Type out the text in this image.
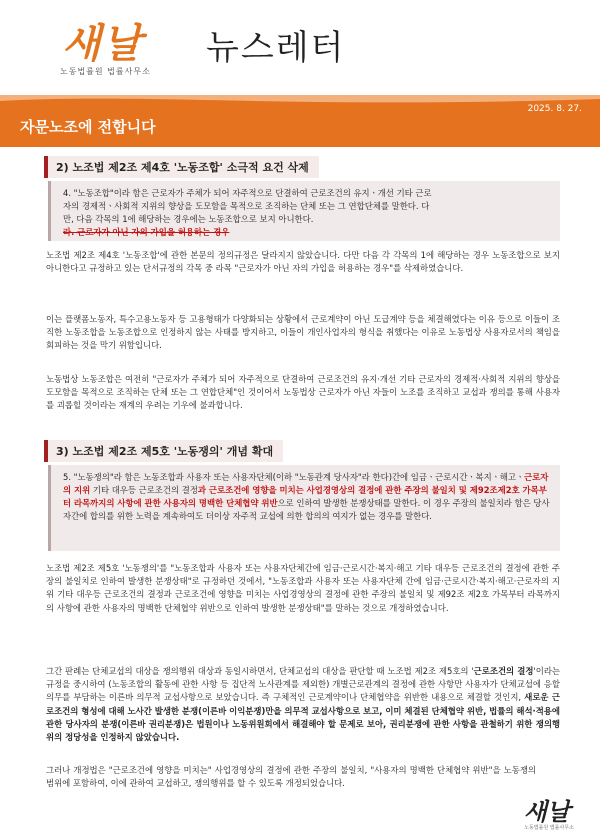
새날
노동법률원 법률사무소
뉴스레터
2025. 8. 27.
자문노조에 전합니다
2) 노조법 제2조 제4호 '노동조합' 소극적 요건 삭제
4. "노동조합"이라 함은 근로자가 주체가 되어 자주적으로 단결하여 근로조건의 유지ㆍ개선 기타 근로
자의 경제적ㆍ사회적 지위의 향상을 도모함을 목적으로 조직하는 단체 또는 그 연합단체를 말한다. 다
만, 다음 각목의 1에 해당하는 경우에는 노동조합으로 보지 아니한다.
라. 근로자가 아닌 자의 가입을 허용하는 경우
노조법 제2조 제4호 '노동조합'에 관한 본문의 정의규정은 달라지지 않았습니다. 다만 다음 각 각목의 1에 해당하는 경우 노동조합으로 보지 아니한다고 규정하고 있는 단서규정의 각목 중 라목 "근로자가 아닌 자의 가입을 허용하는 경우"를 삭제하였습니다.
이는 플랫폼노동자, 특수고용노동자 등 고용형태가 다양화되는 상황에서 근로계약이 아닌 도급계약 등을 체결해였다는 이유 등으로 이들이 조직한 노동조합을 노동조합으로 인정하지 않는 사태를 방지하고, 이들이 개인사업자의 형식을 취했다는 이유로 노동법상 사용자로서의 책임을 회피하는 것을 막기 위함입니다.
노동법상 노동조합은 여전히 "근로자가 주체가 되어 자주적으로 단결하여 근로조건의 유지·개선 기타 근로자의 경제적·사회적 지위의 향상을 도모함을 목적으로 조직하는 단체 또는 그 연합단체"인 것이어서 노동법상 근로자가 아닌 자들이 노조를 조직하고 교섭과 쟁의를 통해 사용자를 괴롭힐 것이라는 재계의 우려는 기우에 불과합니다.
3) 노조법 제2조 제5호 '노동쟁의' 개념 확대
5. "노동쟁의"라 함은 노동조합과 사용자 또는 사용자단체(이하 "노동관계 당사자"라 한다)간에 임금ㆍ근로시간ㆍ복지ㆍ해고ㆍ근로자의 지위 기타 대우등 근로조건의 결정과 근로조건에 영향을 미치는 사업경영상의 결정에 관한 주장의 불일치 및 제92조제2호 가목부터 라목까지의 사항에 관한 사용자의 명백한 단체협약 위반으로 인하여 발생한 분쟁상태를 말한다. 이 경우 주장의 불일치라 함은 당사자간에 합의를 위한 노력을 계속하여도 더이상 자주적 교섭에 의한 합의의 여지가 없는 경우를 말한다.
노조법 제2조 제5호 '노동쟁의'를 "노동조합과 사용자 또는 사용자단체간에 임금·근로시간·복지·해고 기타 대우등 근로조건의 결정에 관한 주장의 불일치로 인하여 발생한 분쟁상태"로 규정하던 것에서, "노동조합과 사용자 또는 사용자단체 간에 임금·근로시간·복지·해고·근로자의 지위 기타 대우등 근로조건의 결정과 근로조건에 영향을 미치는 사업경영상의 결정에 관한 주장의 불일치 및 제92조 제2호 가목부터 라목까지의 사항에 관한 사용자의 명백한 단체협약 위반으로 인하여 발생한 분쟁상태"를 말하는 것으로 개정하였습니다.
그간 판례는 단체교섭의 대상을 쟁의행위 대상과 동일시하면서, 단체교섭의 대상을 판단할 때 노조법 제2조 제5호의 '근로조건의 결정'이라는 규정을 중시하여 (노동조합의 활동에 관한 사항 등 집단적 노사관계를 제외한) 개별근로관계의 결정에 관한 사항만 사용자가 단체교섭에 응할 의무를 부담하는 이른바 의무적 교섭사항으로 보았습니다. 즉 구체적인 근로계약이나 단체협약을 위반한 내용으로 체결할 것인지, 새로운 근로조건의 형성에 대해 노사간 발생한 분쟁(이른바 이익분쟁)만을 의무적 교섭사항으로 보고, 이미 체결된 단체협약 위반, 법률의 해석·적용에 관한 당사자의 분쟁(이른바 권리분쟁)은 법원이나 노동위원회에서 해결해야 할 문제로 보아, 권리분쟁에 관한 사항을 관철하기 위한 쟁의행위의 정당성을 인정하지 않았습니다.
그러나 개정법은 "근로조건에 영향을 미치는" 사업경영상의 결정에 관한 주장의 불일치, "사용자의 명백한 단체협약 위반"을 노동쟁의 범위에 포함하여, 이에 관하여 교섭하고, 쟁의행위를 할 수 있도록 개정되었습니다.
새날
노동법률원 법률사무소
